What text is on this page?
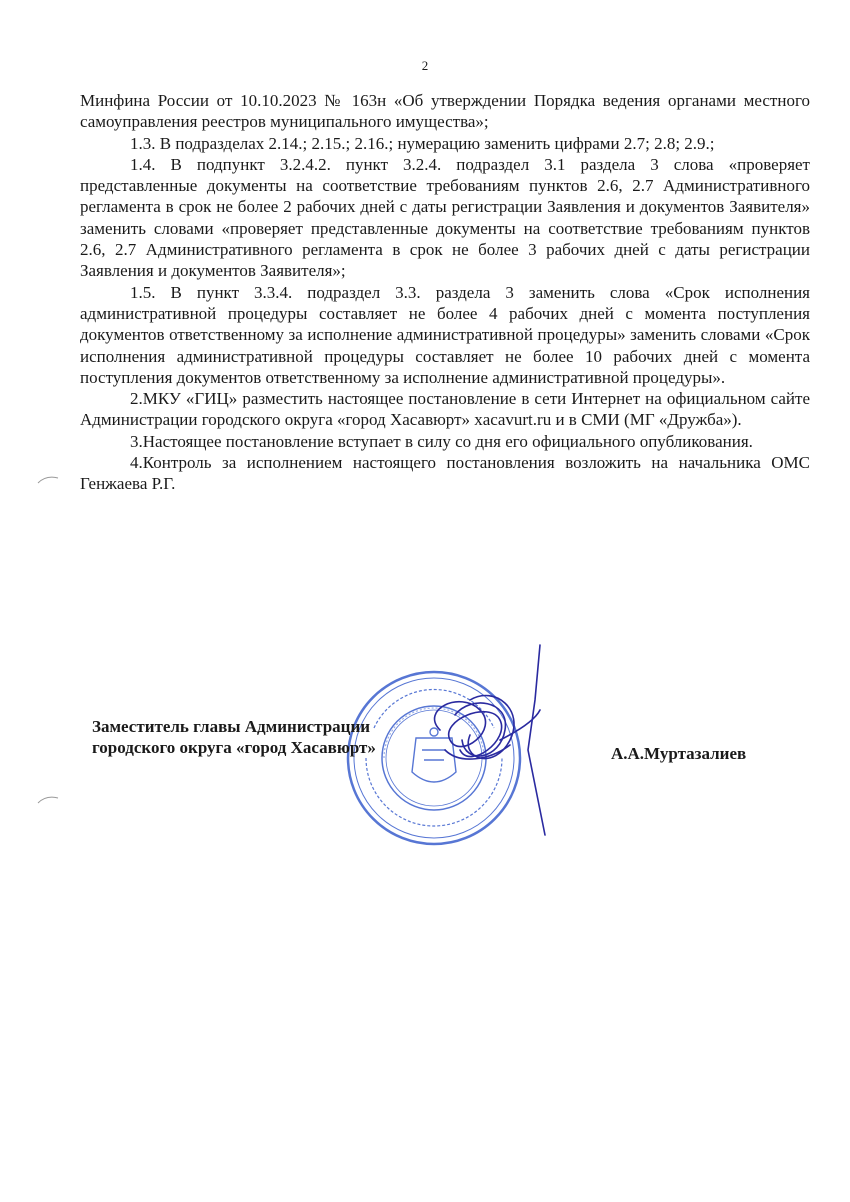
2

Минфина России от 10.10.2023 № 163н «Об утверждении Порядка ведения органами местного самоуправления реестров муниципального имущества»;

1.3. В подразделах 2.14.; 2.15.; 2.16.; нумерацию заменить цифрами 2.7; 2.8; 2.9.;

1.4. В подпункт 3.2.4.2. пункт 3.2.4. подраздел 3.1 раздела 3 слова «проверяет представленные документы на соответствие требованиям пунктов 2.6, 2.7 Административного регламента в срок не более 2 рабочих дней с даты регистрации Заявления и документов Заявителя» заменить словами «проверяет представленные документы на соответствие требованиям пунктов 2.6, 2.7 Административного регламента в срок не более 3 рабочих дней с даты регистрации Заявления и документов Заявителя»;

1.5. В пункт 3.3.4. подраздел 3.3. раздела 3 заменить слова «Срок исполнения административной процедуры составляет не более 4 рабочих дней с момента поступления документов ответственному за исполнение административной процедуры» заменить словами «Срок исполнения административной процедуры составляет не более 10 рабочих дней с момента поступления документов ответственному за исполнение административной процедуры».

2.МКУ «ГИЦ» разместить настоящее постановление в сети Интернет на официальном сайте Администрации городского округа «город Хасавюрт» xacavurt.ru и в СМИ (МГ «Дружба»).

3.Настоящее постановление вступает в силу со дня его официального опубликования.

4.Контроль за исполнением настоящего постановления возложить на начальника ОМС Генжаева Р.Г.

Заместитель главы Администрации
городского округа «город Хасавюрт»	А.А.Муртазалиев
